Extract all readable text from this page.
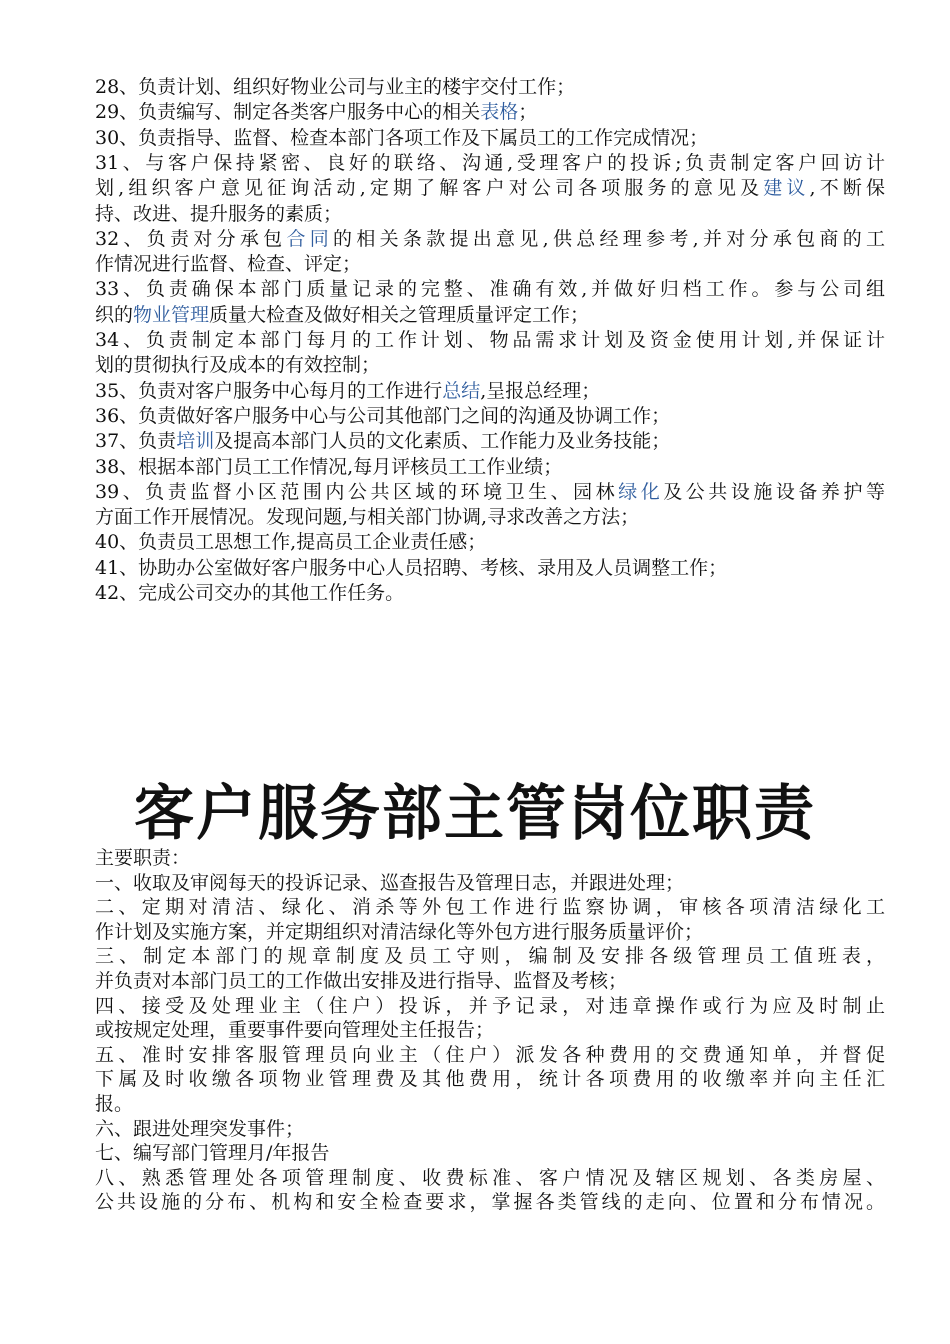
28、负责计划、组织好物业公司与业主的楼宇交付工作；
29、负责编写、制定各类客户服务中心的相关表格；
30、负责指导、监督、检查本部门各项工作及下属员工的工作完成情况；
31、与客户保持紧密、良好的联络、沟通,受理客户的投诉;负责制定客户回访计
划,组织客户意见征询活动,定期了解客户对公司各项服务的意见及建议,不断保
持、改进、提升服务的素质；
32、负责对分承包合同的相关条款提出意见,供总经理参考,并对分承包商的工
作情况进行监督、检查、评定；
33、负责确保本部门质量记录的完整、准确有效,并做好归档工作。参与公司组
织的物业管理质量大检查及做好相关之管理质量评定工作；
34、负责制定本部门每月的工作计划、物品需求计划及资金使用计划,并保证计
划的贯彻执行及成本的有效控制；
35、负责对客户服务中心每月的工作进行总结,呈报总经理；
36、负责做好客户服务中心与公司其他部门之间的沟通及协调工作；
37、负责培训及提高本部门人员的文化素质、工作能力及业务技能；
38、根据本部门员工工作情况,每月评核员工工作业绩；
39、负责监督小区范围内公共区域的环境卫生、园林绿化及公共设施设备养护等
方面工作开展情况。发现问题,与相关部门协调,寻求改善之方法；
40、负责员工思想工作,提高员工企业责任感；
41、协助办公室做好客户服务中心人员招聘、考核、录用及人员调整工作；
42、完成公司交办的其他工作任务。
客户服务部主管岗位职责
主要职责：
一、收取及审阅每天的投诉记录、巡查报告及管理日志，并跟进处理；
二、定期对清洁、绿化、消杀等外包工作进行监察协调，审核各项清洁绿化工
作计划及实施方案，并定期组织对清洁绿化等外包方进行服务质量评价；
三、制定本部门的规章制度及员工守则，编制及安排各级管理员工值班表，
并负责对本部门员工的工作做出安排及进行指导、监督及考核；
四、接受及处理业主（住户）投诉，并予记录，对违章操作或行为应及时制止
或按规定处理，重要事件要向管理处主任报告；
五、准时安排客服管理员向业主（住户）派发各种费用的交费通知单，并督促
下属及时收缴各项物业管理费及其他费用，统计各项费用的收缴率并向主任汇
报。
六、跟进处理突发事件；
七、编写部门管理月/年报告
八、熟悉管理处各项管理制度、收费标准、客户情况及辖区规划、各类房屋、
公共设施的分布、机构和安全检查要求，掌握各类管线的走向、位置和分布情况。
